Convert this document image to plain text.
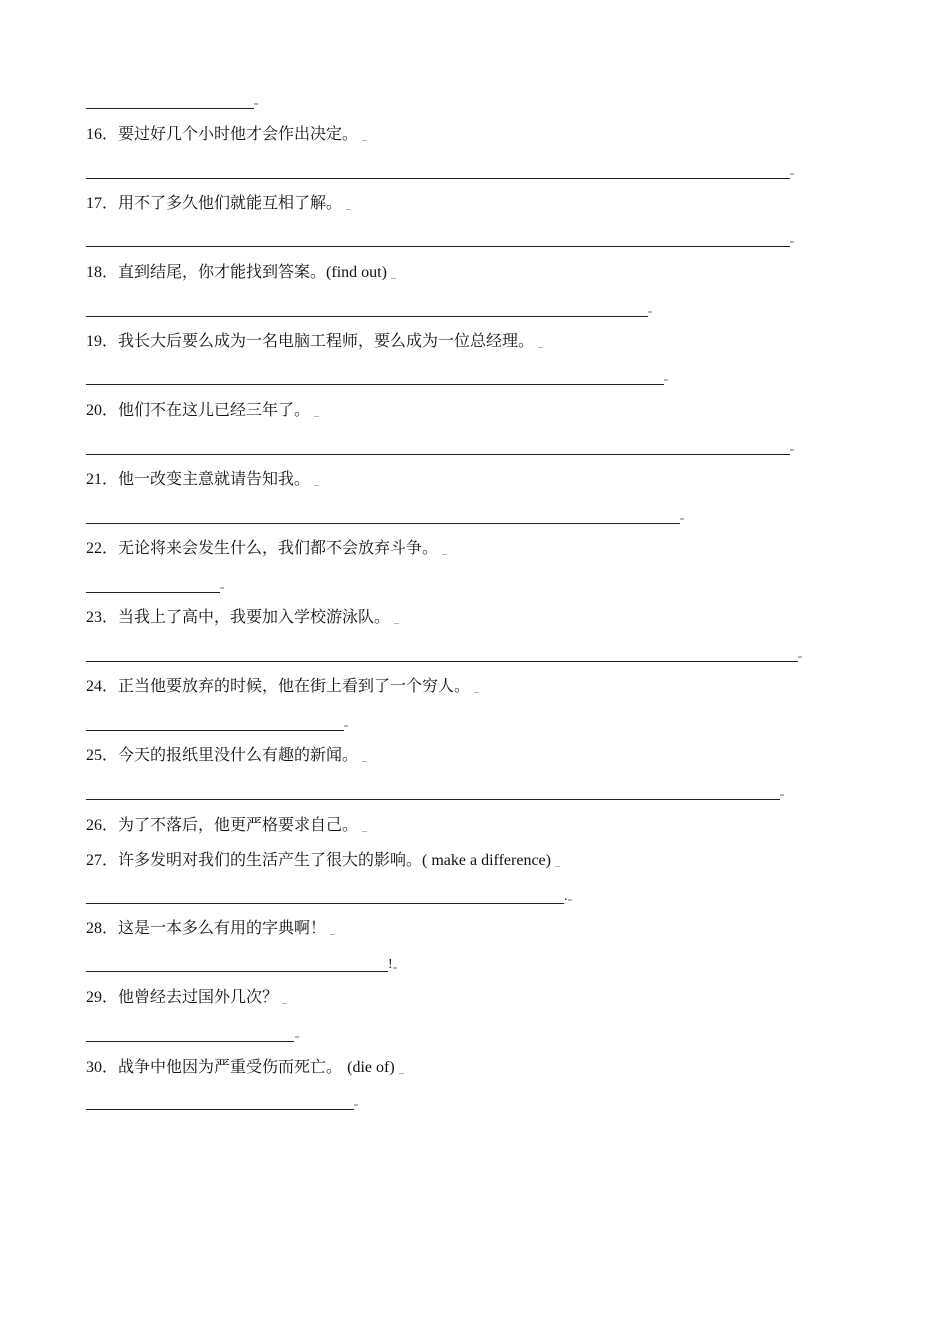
16．要过好几个小时他才会作出决定。
17．用不了多久他们就能互相了解。
18．直到结尾，你才能找到答案。(find out)
19．我长大后要么成为一名电脑工程师，要么成为一位总经理。
20．他们不在这儿已经三年了。
21．他一改变主意就请告知我。
22．无论将来会发生什么，我们都不会放弃斗争。
23．当我上了高中，我要加入学校游泳队。
24．正当他要放弃的时候，他在街上看到了一个穷人。
25．今天的报纸里没什么有趣的新闻。
26．为了不落后，他更严格要求自己。
27．许多发明对我们的生活产生了很大的影响。( make a difference)
.
28．这是一本多么有用的字典啊！
!
29．他曾经去过国外几次？
30．战争中他因为严重受伤而死亡。 (die of)
